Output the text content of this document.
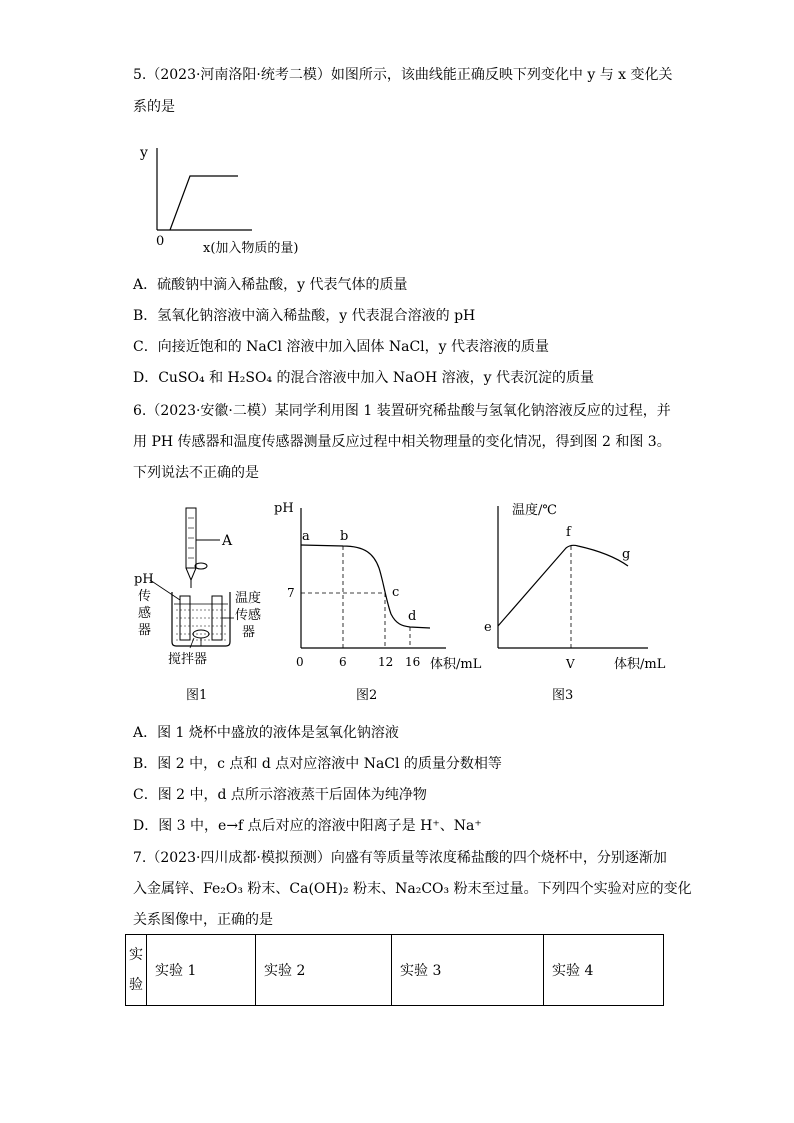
5.（2023·河南洛阳·统考二模）如图所示，该曲线能正确反映下列变化中 y 与 x 变化关
系的是
y
0	x(加入物质的量)
A．硫酸钠中滴入稀盐酸，y 代表气体的质量
B．氢氧化钠溶液中滴入稀盐酸，y 代表混合溶液的 pH
C．向接近饱和的 NaCl 溶液中加入固体 NaCl，y 代表溶液的质量
D．CuSO₄ 和 H₂SO₄ 的混合溶液中加入 NaOH 溶液，y 代表沉淀的质量
6.（2023·安徽·二模）某同学利用图 1 装置研究稀盐酸与氢氧化钠溶液反应的过程，并
用 PH 传感器和温度传感器测量反应过程中相关物理量的变化情况，得到图 2 和图 3。
下列说法不正确的是
A
pH
传
感
器
温度
传感
器
搅拌器
图1
pH
体积/mL
0
7
6	12 16
a b
c
d
图2
温度/℃
体积/mL
e
f
g
V
图3
A．图 1 烧杯中盛放的液体是氢氧化钠溶液
B．图 2 中，c 点和 d 点对应溶液中 NaCl 的质量分数相等
C．图 2 中，d 点所示溶液蒸干后固体为纯净物
D．图 3 中，e→f 点后对应的溶液中阳离子是 H⁺、Na⁺
7.（2023·四川成都·模拟预测）向盛有等质量等浓度稀盐酸的四个烧杯中，分别逐渐加
入金属锌、Fe₂O₃ 粉末、Ca(OH)₂ 粉末、Na₂CO₃ 粉末至过量。下列四个实验对应的变化
关系图像中，正确的是
实
验
	实验 1	实验 2	实验 3	实验 4
